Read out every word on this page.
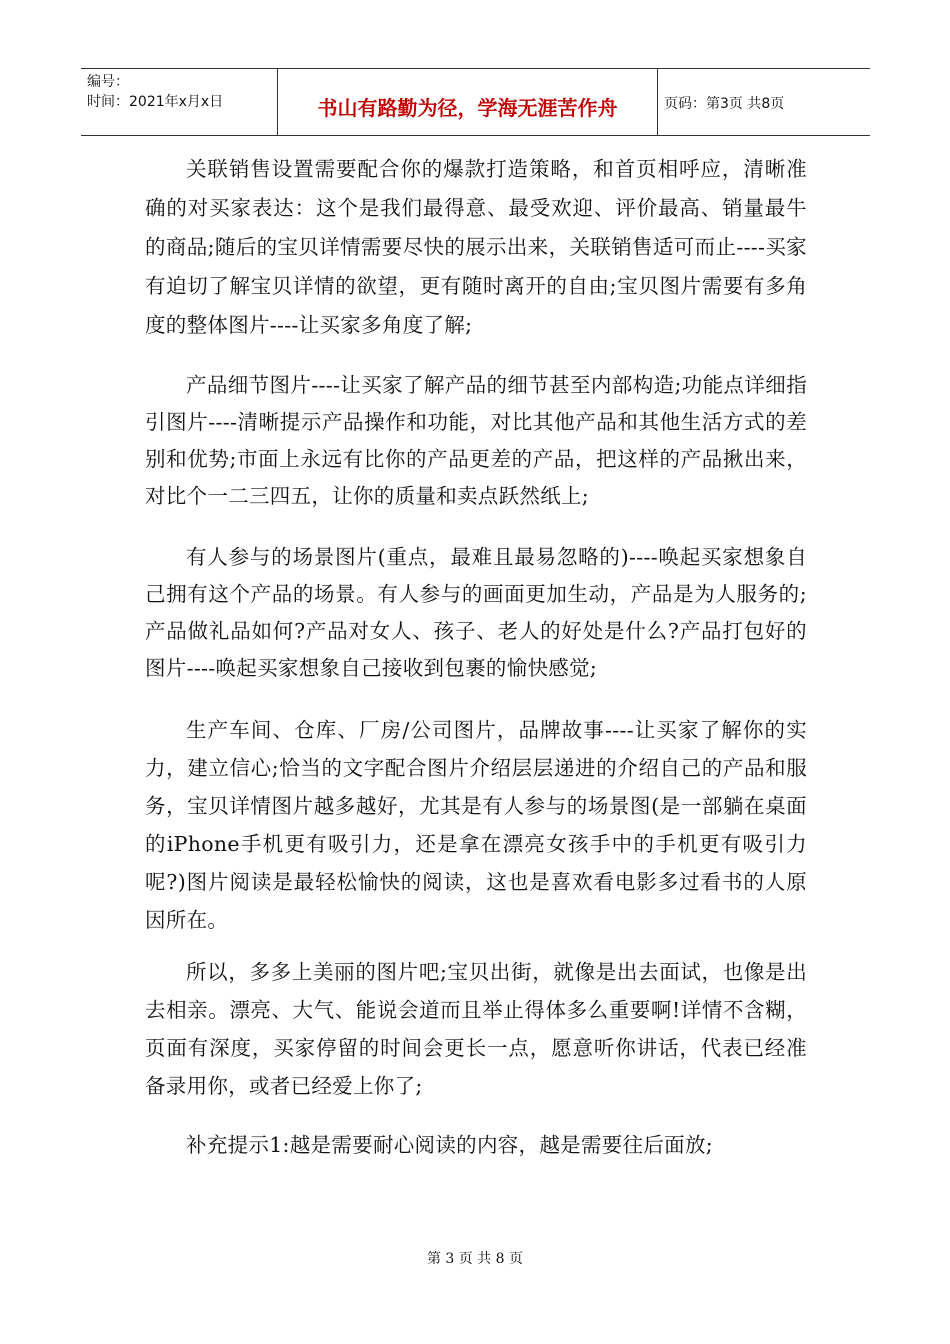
编号：
时间：2021年x月x日	书山有路勤为径，学海无涯苦作舟	页码：第3页 共8页

关联销售设置需要配合你的爆款打造策略，和首页相呼应，清晰准确的对买家表达：这个是我们最得意、最受欢迎、评价最高、销量最牛的商品;随后的宝贝详情需要尽快的展示出来，关联销售适可而止----买家有迫切了解宝贝详情的欲望，更有随时离开的自由;宝贝图片需要有多角度的整体图片----让买家多角度了解;

产品细节图片----让买家了解产品的细节甚至内部构造;功能点详细指引图片----清晰提示产品操作和功能，对比其他产品和其他生活方式的差别和优势;市面上永远有比你的产品更差的产品，把这样的产品揪出来，对比个一二三四五，让你的质量和卖点跃然纸上;

有人参与的场景图片(重点，最难且最易忽略的)----唤起买家想象自己拥有这个产品的场景。有人参与的画面更加生动，产品是为人服务的;产品做礼品如何?产品对女人、孩子、老人的好处是什么?产品打包好的图片----唤起买家想象自己接收到包裹的愉快感觉;

生产车间、仓库、厂房/公司图片，品牌故事----让买家了解你的实力，建立信心;恰当的文字配合图片介绍层层递进的介绍自己的产品和服务，宝贝详情图片越多越好，尤其是有人参与的场景图(是一部躺在桌面的iPhone手机更有吸引力，还是拿在漂亮女孩手中的手机更有吸引力呢?)图片阅读是最轻松愉快的阅读，这也是喜欢看电影多过看书的人原因所在。

所以，多多上美丽的图片吧;宝贝出街，就像是出去面试，也像是出去相亲。漂亮、大气、能说会道而且举止得体多么重要啊!详情不含糊，页面有深度，买家停留的时间会更长一点，愿意听你讲话，代表已经准备录用你，或者已经爱上你了;

补充提示1:越是需要耐心阅读的内容，越是需要往后面放;

第 3 页 共 8 页
